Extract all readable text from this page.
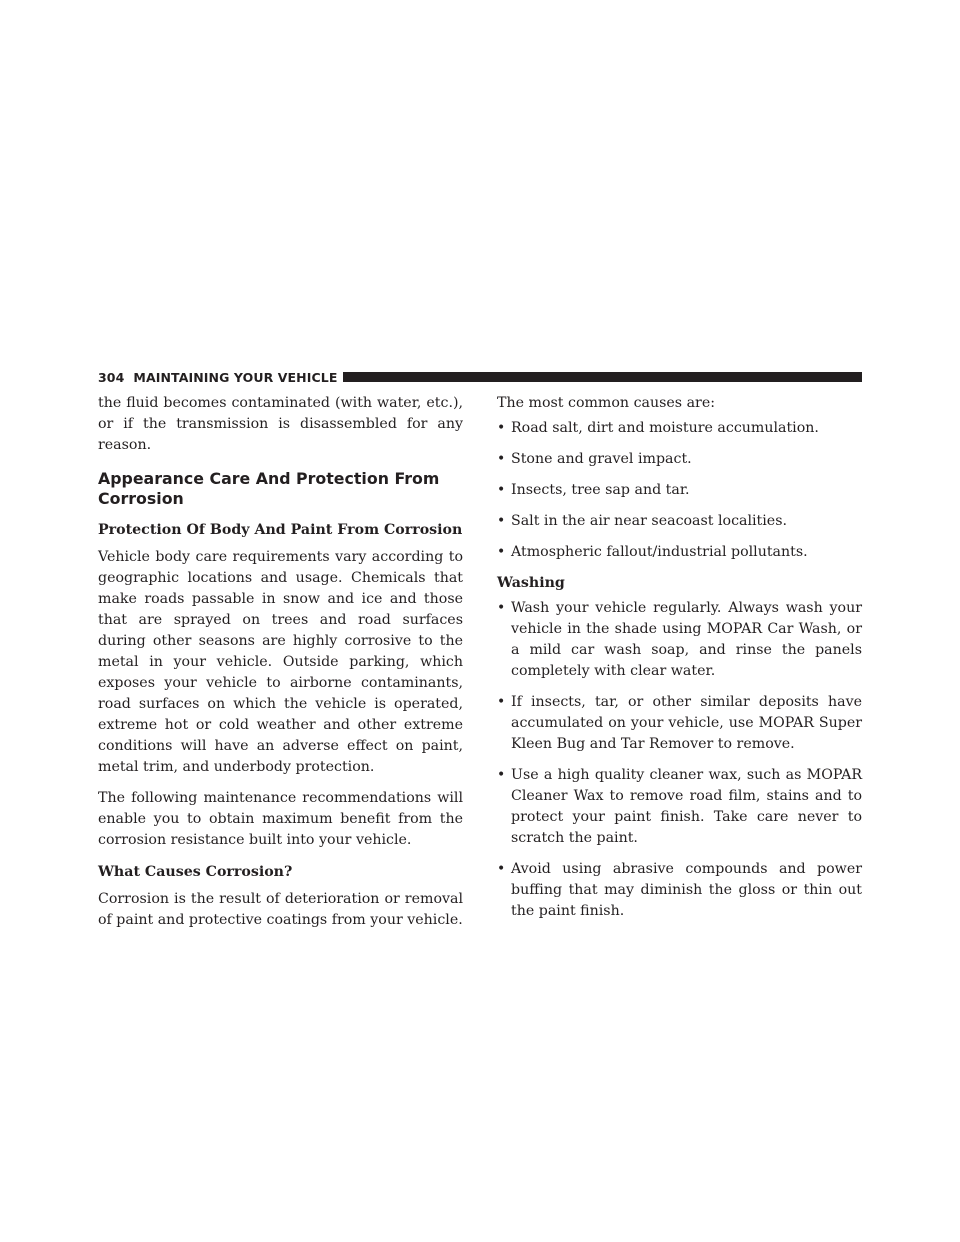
304 MAINTAINING YOUR VEHICLE

the fluid becomes contaminated (with water, etc.), or if the transmission is disassembled for any reason.

Appearance Care And Protection From Corrosion
Protection Of Body And Paint From Corrosion

Vehicle body care requirements vary according to geographic locations and usage. Chemicals that make roads passable in snow and ice and those that are sprayed on trees and road surfaces during other seasons are highly corrosive to the metal in your vehicle. Outside parking, which exposes your vehicle to airborne contaminants, road surfaces on which the vehicle is operated, extreme hot or cold weather and other extreme conditions will have an adverse effect on paint, metal trim, and underbody protection.

The following maintenance recommendations will enable you to obtain maximum benefit from the corrosion resistance built into your vehicle.

What Causes Corrosion?

Corrosion is the result of deterioration or removal of paint and protective coatings from your vehicle.

The most common causes are:

• Road salt, dirt and moisture accumulation.
• Stone and gravel impact.
• Insects, tree sap and tar.
• Salt in the air near seacoast localities.
• Atmospheric fallout/industrial pollutants.
Washing
• Wash your vehicle regularly. Always wash your vehicle in the shade using MOPAR Car Wash, or a mild car wash soap, and rinse the panels completely with clear water.
• If insects, tar, or other similar deposits have accumulated on your vehicle, use MOPAR Super Kleen Bug and Tar Remover to remove.
• Use a high quality cleaner wax, such as MOPAR Cleaner Wax to remove road film, stains and to protect your paint finish. Take care never to scratch the paint.
• Avoid using abrasive compounds and power buffing that may diminish the gloss or thin out the paint finish.
